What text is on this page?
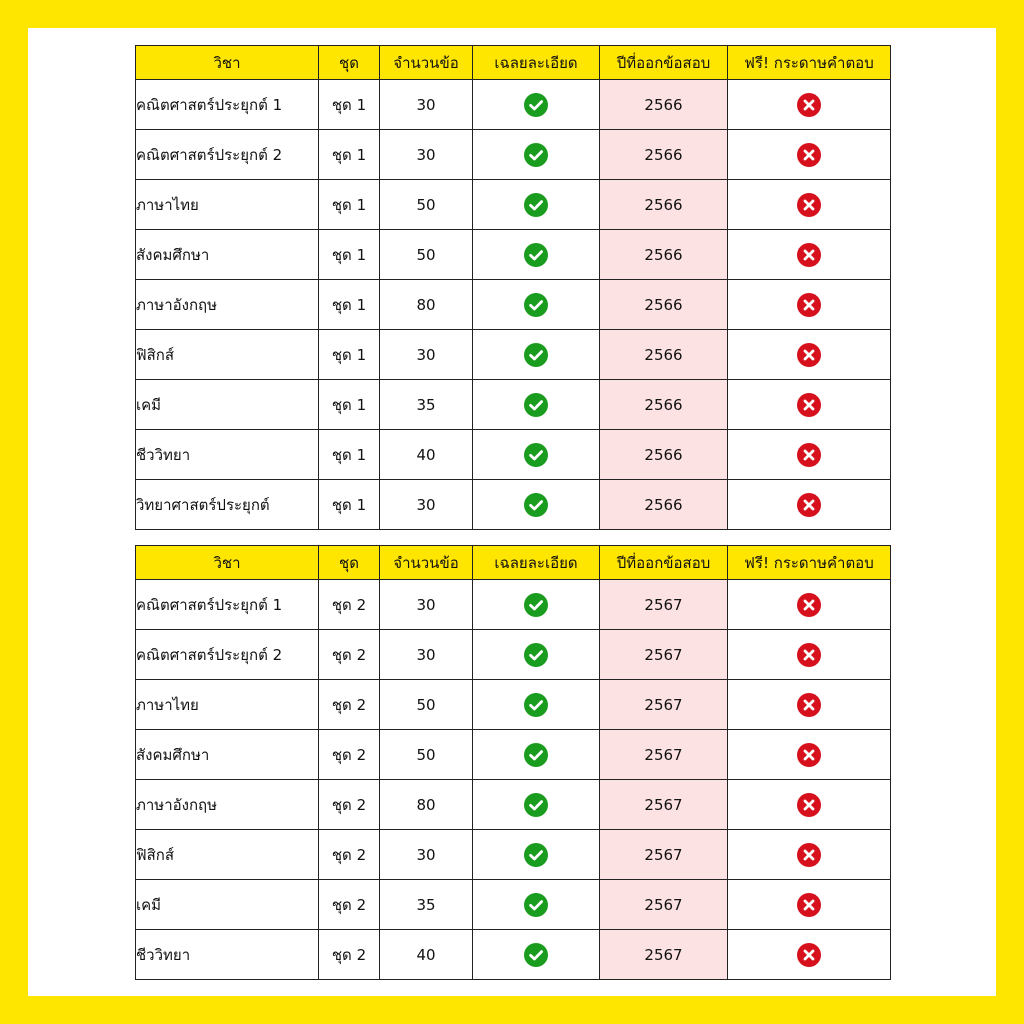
วิชา	ชุด	จำนวนข้อ	เฉลยละเอียด	ปีที่ออกข้อสอบ	ฟรี! กระดาษคำตอบ
คณิตศาสตร์ประยุกต์ 1	ชุด 1	30		2566	

คณิตศาสตร์ประยุกต์ 2	ชุด 1	30		2566	

ภาษาไทย	ชุด 1	50		2566	

สังคมศึกษา	ชุด 1	50		2566	

ภาษาอังกฤษ	ชุด 1	80		2566	

ฟิสิกส์	ชุด 1	30		2566	

เคมี	ชุด 1	35		2566	

ชีววิทยา	ชุด 1	40		2566	

วิทยาศาสตร์ประยุกต์	ชุด 1	30		2566	
วิชา	ชุด	จำนวนข้อ	เฉลยละเอียด	ปีที่ออกข้อสอบ	ฟรี! กระดาษคำตอบ
คณิตศาสตร์ประยุกต์ 1	ชุด 2	30		2567	

คณิตศาสตร์ประยุกต์ 2	ชุด 2	30		2567	

ภาษาไทย	ชุด 2	50		2567	

สังคมศึกษา	ชุด 2	50		2567	

ภาษาอังกฤษ	ชุด 2	80		2567	

ฟิสิกส์	ชุด 2	30		2567	

เคมี	ชุด 2	35		2567	

ชีววิทยา	ชุด 2	40		2567	
